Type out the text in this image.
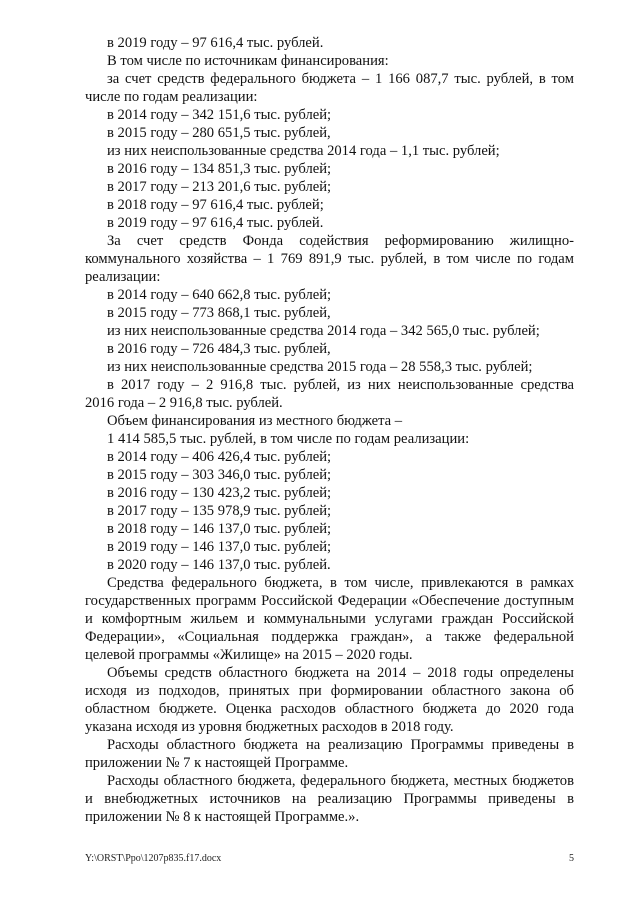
в 2019 году – 97 616,4 тыс. рублей.
В том числе по источникам финансирования:
за счет средств федерального бюджета – 1 166 087,7 тыс. рублей, в том
числе по годам реализации:
в 2014 году – 342 151,6 тыс. рублей;
в 2015 году – 280 651,5 тыс. рублей,
из них неиспользованные средства 2014 года – 1,1 тыс. рублей;
в 2016 году – 134 851,3 тыс. рублей;
в 2017 году – 213 201,6 тыс. рублей;
в 2018 году – 97 616,4 тыс. рублей;
в 2019 году – 97 616,4 тыс. рублей.
За счет средств Фонда содействия реформированию жилищно-
коммунального хозяйства – 1 769 891,9 тыс. рублей, в том числе по годам
реализации:
в 2014 году – 640 662,8 тыс. рублей;
в 2015 году – 773 868,1 тыс. рублей,
из них неиспользованные средства 2014 года – 342 565,0 тыс. рублей;
в 2016 году – 726 484,3 тыс. рублей,
из них неиспользованные средства 2015 года – 28 558,3 тыс. рублей;
в 2017 году – 2 916,8 тыс. рублей, из них неиспользованные средства
2016 года – 2 916,8 тыс. рублей.
Объем финансирования из местного бюджета –
1 414 585,5 тыс. рублей, в том числе по годам реализации:
в 2014 году – 406 426,4 тыс. рублей;
в 2015 году – 303 346,0 тыс. рублей;
в 2016 году – 130 423,2 тыс. рублей;
в 2017 году – 135 978,9 тыс. рублей;
в 2018 году – 146 137,0 тыс. рублей;
в 2019 году – 146 137,0 тыс. рублей;
в 2020 году – 146 137,0 тыс. рублей.
Средства федерального бюджета, в том числе, привлекаются в рамках государственных программ Российской Федерации «Обеспечение доступным и комфортным жильем и коммунальными услугами граждан Российской Федерации», «Социальная поддержка граждан», а также федеральной целевой программы «Жилище» на 2015 – 2020 годы.
Объемы средств областного бюджета на 2014 – 2018 годы определены исходя из подходов, принятых при формировании областного закона об областном бюджете. Оценка расходов областного бюджета до 2020 года указана исходя из уровня бюджетных расходов в 2018 году.
Расходы областного бюджета на реализацию Программы приведены в приложении № 7 к настоящей Программе.
Расходы областного бюджета, федерального бюджета, местных бюджетов и внебюджетных источников на реализацию Программы приведены в приложении № 8 к настоящей Программе.».
Y:\ORST\Ppo\1207p835.f17.docx	5
